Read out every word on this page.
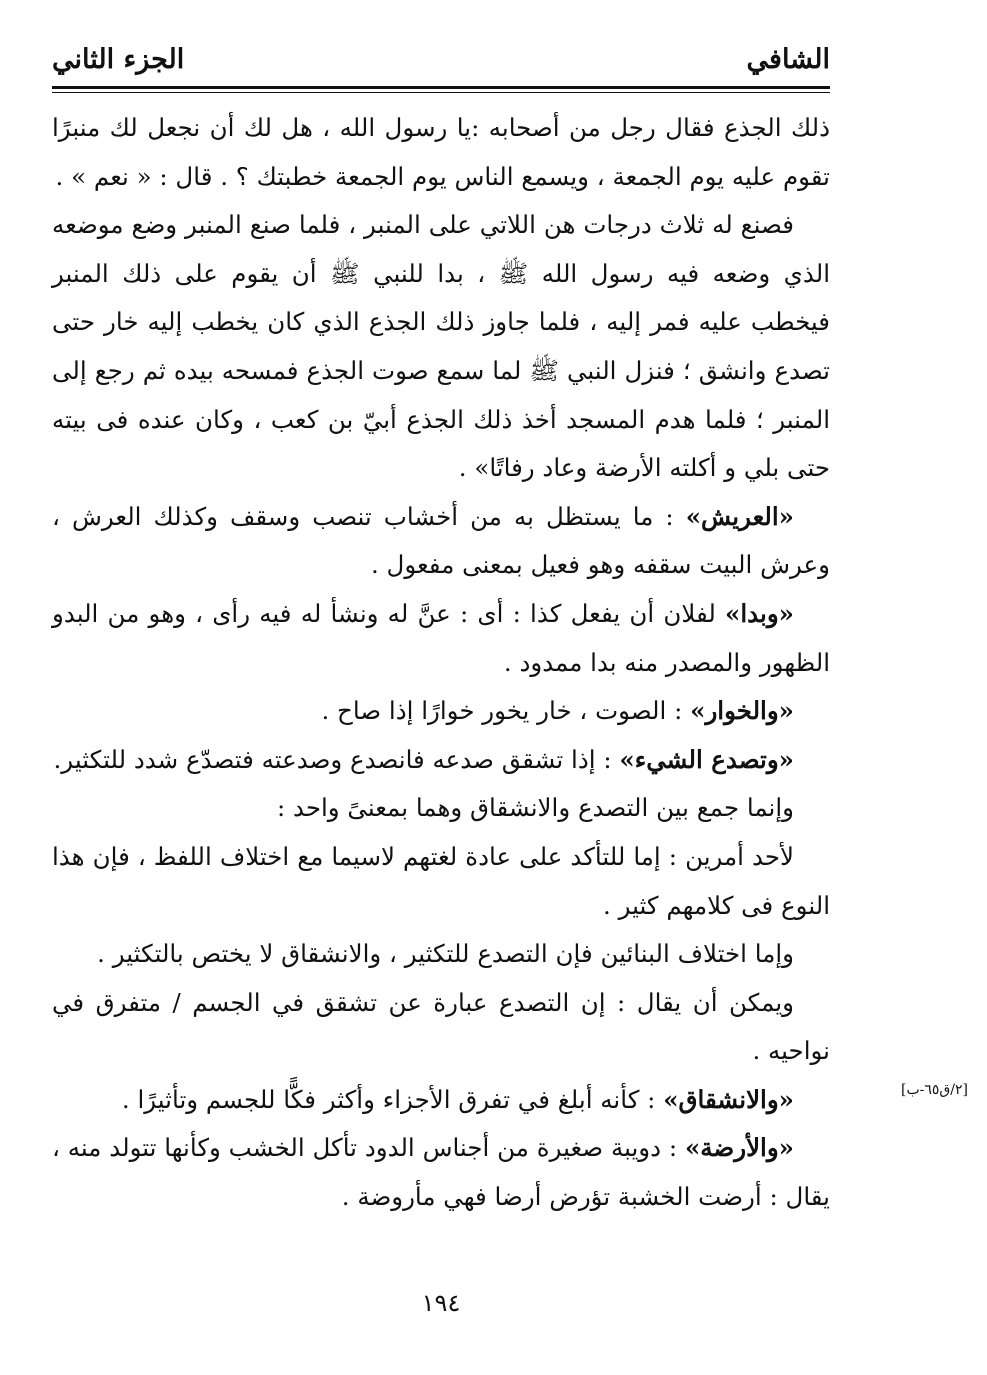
الشافي
الجزء الثاني

ذلك الجذع فقال رجل من أصحابه :يا رسول الله ، هل لك أن نجعل لك منبرًا تقوم عليه يوم الجمعة ، ويسمع الناس يوم الجمعة خطبتك ؟ . قال : « نعم » .

فصنع له ثلاث درجات هن اللاتي على المنبر ، فلما صنع المنبر وضع موضعه الذي وضعه فيه رسول الله ﷺ ، بدا للنبي ﷺ أن يقوم على ذلك المنبر فيخطب عليه فمر إليه ، فلما جاوز ذلك الجذع الذي كان يخطب إليه خار حتى تصدع وانشق ؛ فنزل النبي ﷺ لما سمع صوت الجذع فمسحه بيده ثم رجع إلى المنبر ؛ فلما هدم المسجد أخذ ذلك الجذع أبيّ بن كعب ، وكان عنده فى بيته حتى بلي و أكلته الأرضة وعاد رفاتًا» .

«العريش» : ما يستظل به من أخشاب تنصب وسقف وكذلك العرش ، وعرش البيت سقفه وهو فعيل بمعنى مفعول .

«وبدا» لفلان أن يفعل كذا : أى : عنَّ له ونشأ له فيه رأى ، وهو من البدو الظهور والمصدر منه بدا ممدود .

«والخوار» : الصوت ، خار يخور خوارًا إذا صاح .

«وتصدع الشيء» : إذا تشقق صدعه فانصدع وصدعته فتصدّع شدد للتكثير.

وإنما جمع بين التصدع والانشقاق وهما بمعنىً واحد :

لأحد أمرين : إما للتأكد على عادة لغتهم لاسيما مع اختلاف اللفظ ، فإن هذا النوع فى كلامهم كثير .

وإما اختلاف البنائين فإن التصدع للتكثير ، والانشقاق لا يختص بالتكثير .

ويمكن أن يقال : إن التصدع عبارة عن تشقق في الجسم / متفرق في نواحيه .

«والانشقاق» : كأنه أبلغ في تفرق الأجزاء وأكثر فكًّا للجسم وتأثيرًا .

«والأرضة» : دويبة صغيرة من أجناس الدود تأكل الخشب وكأنها تتولد منه ، يقال : أرضت الخشبة تؤرض أرضا فهي مأروضة .

[٢/ق٦٥-ب]
١٩٤
